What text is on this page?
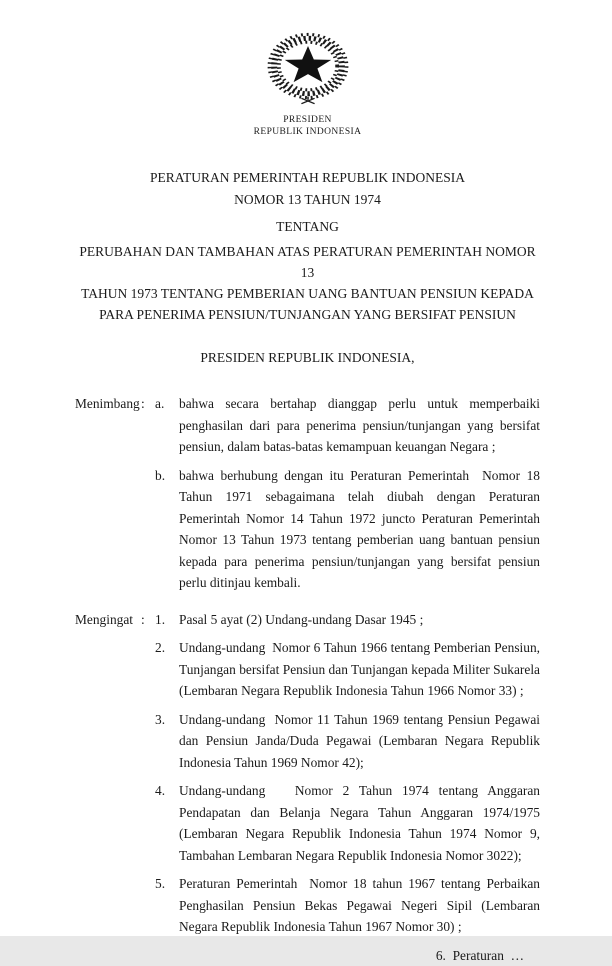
PRESIDEN
REPUBLIK INDONESIA
PERATURAN PEMERINTAH REPUBLIK INDONESIA
NOMOR 13 TAHUN 1974
TENTANG
PERUBAHAN DAN TAMBAHAN ATAS PERATURAN PEMERINTAH NOMOR 13
TAHUN 1973 TENTANG PEMBERIAN UANG BANTUAN PENSIUN KEPADA
PARA PENERIMA PENSIUN/TUNJANGAN YANG BERSIFAT PENSIUN
PRESIDEN REPUBLIK INDONESIA,
Menimbang : a.	bahwa secara bertahap dianggap perlu untuk memperbaiki penghasilan dari para penerima pensiun/tunjangan yang bersifat pensiun, dalam batas-batas kemampuan keuangan Negara ;

b.	bahwa berhubung dengan itu Peraturan Pemerintah  Nomor 18 Tahun 1971 sebagaimana telah diubah dengan Peraturan Pemerintah Nomor 14 Tahun 1972 juncto Peraturan Pemerintah  Nomor 13 Tahun 1973 tentang pemberian uang bantuan pensiun kepada para penerima pensiun/tunjangan yang bersifat pensiun perlu ditinjau kembali.

Mengingat : 1.	Pasal 5 ayat (2) Undang-undang Dasar 1945 ;

2.	Undang-undang  Nomor 6 Tahun 1966 tentang Pemberian Pensiun, Tunjangan bersifat Pensiun dan Tunjangan kepada Militer Sukarela (Lembaran Negara Republik Indonesia Tahun 1966 Nomor 33) ;

3.	Undang-undang  Nomor 11 Tahun 1969 tentang Pensiun Pegawai dan Pensiun Janda/Duda Pegawai (Lembaran Negara Republik Indonesia Tahun 1969 Nomor 42);

4.	Undang-undang   Nomor 2 Tahun 1974 tentang Anggaran Pendapatan dan Belanja Negara Tahun Anggaran 1974/1975 (Lembaran Negara Republik Indonesia Tahun 1974 Nomor 9, Tambahan Lembaran Negara Republik Indonesia Nomor 3022);

5.	Peraturan Pemerintah  Nomor 18 tahun 1967 tentang Perbaikan Penghasilan Pensiun Bekas Pegawai Negeri Sipil (Lembaran Negara Republik Indonesia Tahun 1967 Nomor 30) ;

6.  Peraturan  …
